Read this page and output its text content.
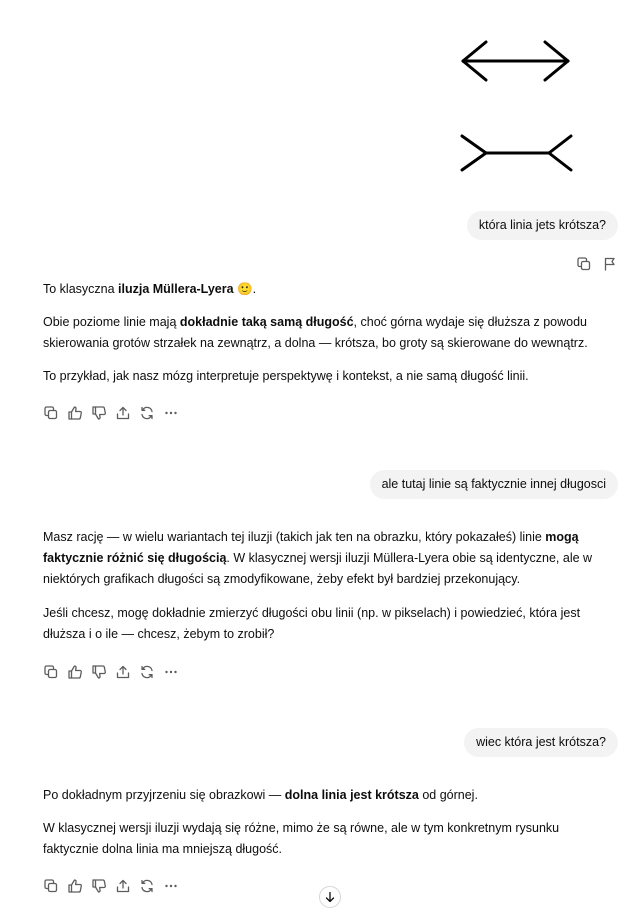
która linia jets krótsza?

To klasyczna iluzja Müllera-Lyera 🙂.

Obie poziome linie mają dokładnie taką samą długość, choć górna wydaje się dłuższa z powodu skierowania grotów strzałek na zewnątrz, a dolna — krótsza, bo groty są skierowane do wewnątrz.

To przykład, jak nasz mózg interpretuje perspektywę i kontekst, a nie samą długość linii.

ale tutaj linie są faktycznie innej długosci

Masz rację — w wielu wariantach tej iluzji (takich jak ten na obrazku, który pokazałeś) linie mogą faktycznie różnić się długością. W klasycznej wersji iluzji Müllera-Lyera obie są identyczne, ale w niektórych grafikach długości są zmodyfikowane, żeby efekt był bardziej przekonujący.

Jeśli chcesz, mogę dokładnie zmierzyć długości obu linii (np. w pikselach) i powiedzieć, która jest dłuższa i o ile — chcesz, żebym to zrobił?

wiec która jest krótsza?

Po dokładnym przyjrzeniu się obrazkowi — dolna linia jest krótsza od górnej.

W klasycznej wersji iluzji wydają się różne, mimo że są równe, ale w tym konkretnym rysunku faktycznie dolna linia ma mniejszą długość.
